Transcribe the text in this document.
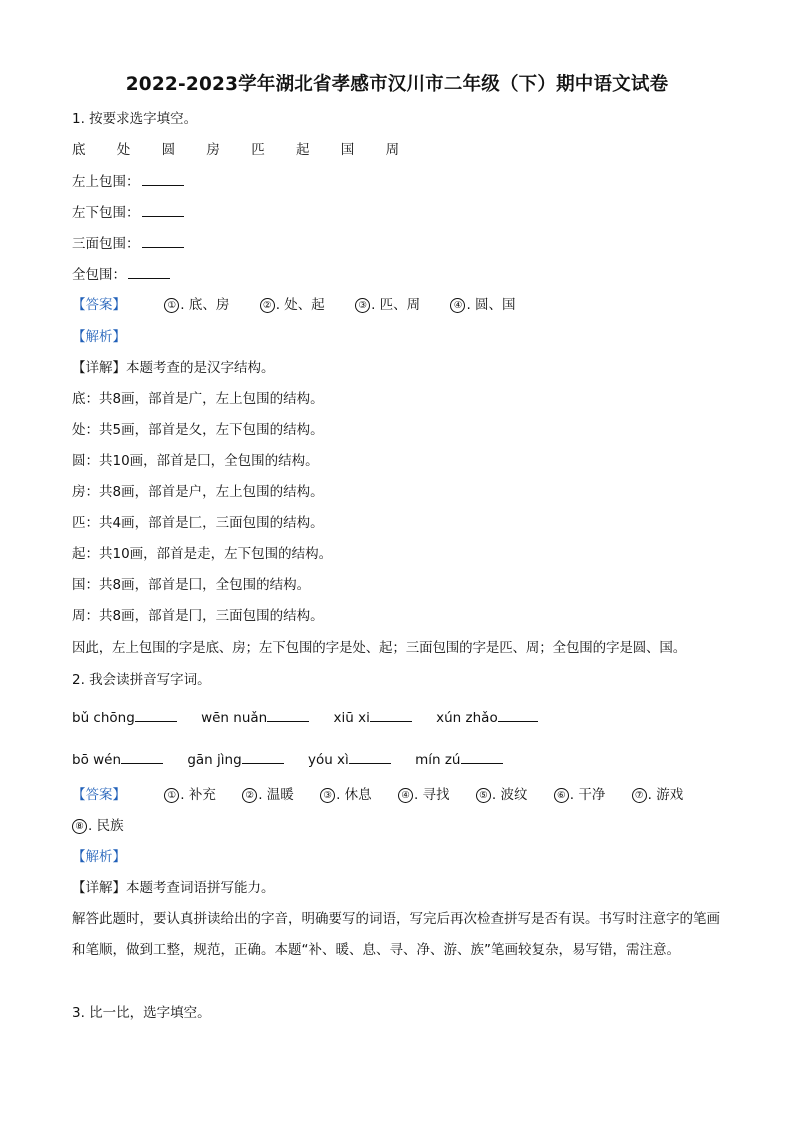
2022-2023学年湖北省孝感市汉川市二年级（下）期中语文试卷
1. 按要求选字填空。
底 处 圆 房 匹 起 国 周
左上包围：
左下包围：
三面包围：
全包围：
【答案】	① . 底、房	② . 处、起	③ . 匹、周	④ . 圆、国
【解析】
【详解】本题考查的是汉字结构。
底：共8画，部首是广，左上包围的结构。
处：共5画，部首是夂，左下包围的结构。
圆：共10画，部首是囗，全包围的结构。
房：共8画，部首是户，左上包围的结构。
匹：共4画，部首是匚，三面包围的结构。
起：共10画，部首是走，左下包围的结构。
国：共8画，部首是囗，全包围的结构。
周：共8画，部首是冂，三面包围的结构。
因此，左上包围的字是底、房；左下包围的字是处、起；三面包围的字是匹、周；全包围的字是圆、国。
2. 我会读拼音写字词。
bǔ chōng	wēn nuǎn	xiū xi	xún zhǎo
bō wén	gān jìng	yóu xì	mín zú
【答案】	① . 补充	② . 温暖	③ . 休息	④ . 寻找	⑤ . 波纹	⑥ . 干净	⑦ . 游戏
⑧ . 民族
【解析】
【详解】本题考查词语拼写能力。
解答此题时，要认真拼读给出的字音，明确要写的词语，写完后再次检查拼写是否有误。书写时注意字的笔画和笔顺，做到工整，规范，正确。本题“补、暖、息、寻、净、游、族”笔画较复杂，易写错，需注意。
3. 比一比，选字填空。
